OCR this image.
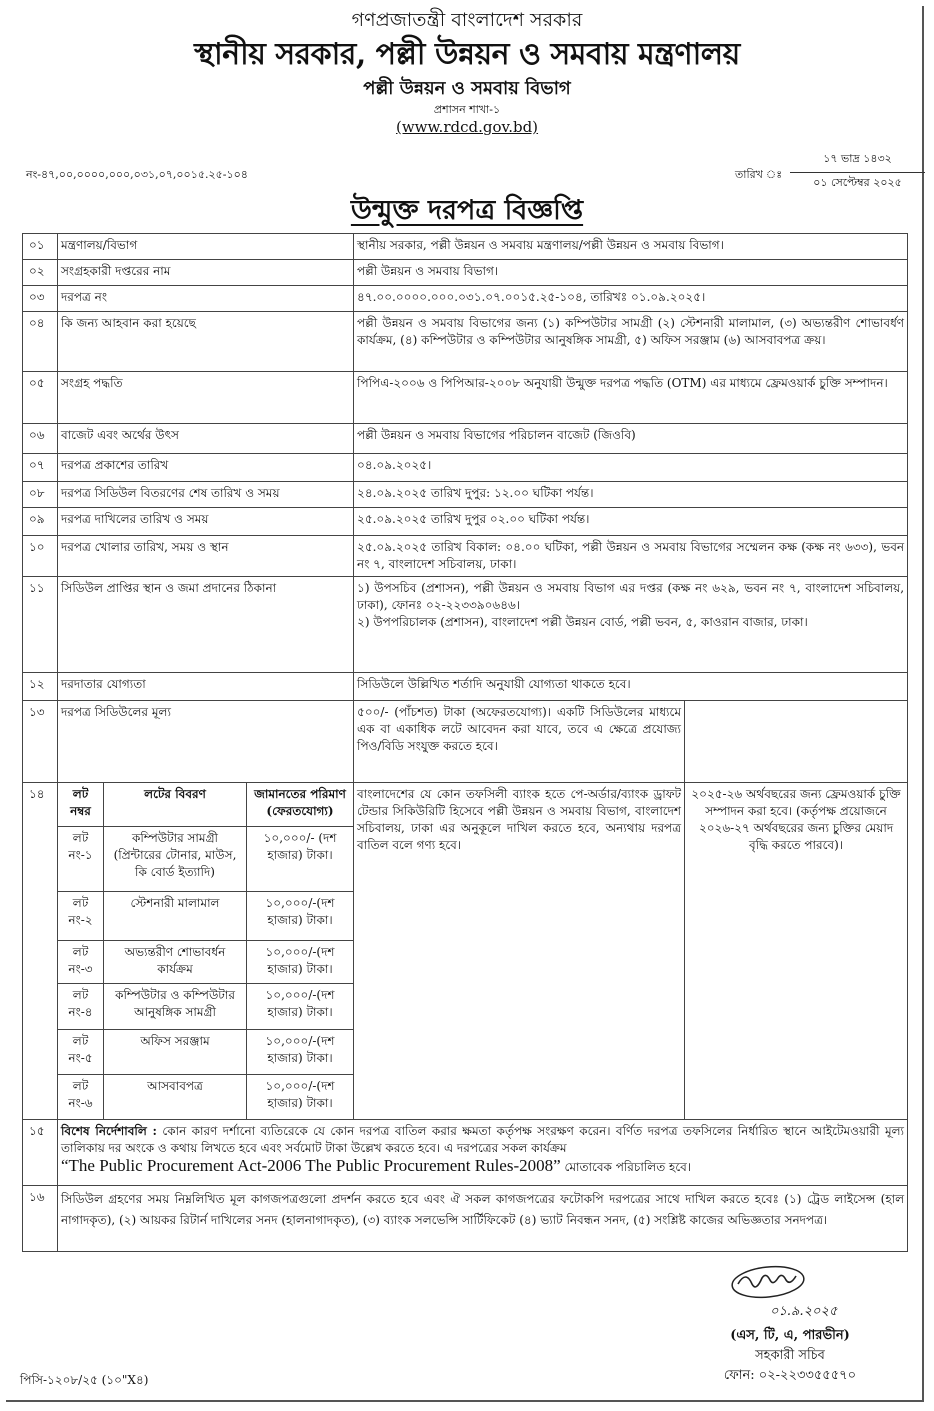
গণপ্রজাতন্ত্রী বাংলাদেশ সরকার
স্থানীয় সরকার, পল্লী উন্নয়ন ও সমবায় মন্ত্রণালয়
পল্লী উন্নয়ন ও সমবায় বিভাগ
প্রশাসন শাখা-১
(www.rdcd.gov.bd)
নং-৪৭,০০,০০০০,০০০,০৩১,০৭,০০১৫.২৫-১০৪	তারিখ ঃ
১৭ ভাদ্র ১৪৩২
০১ সেপ্টেম্বর ২০২৫
উন্মুক্ত দরপত্র বিজ্ঞপ্তি
০১	মন্ত্রণালয়/বিভাগ			স্থানীয় সরকার, পল্লী উন্নয়ন ও সমবায় মন্ত্রণালয়/পল্লী উন্নয়ন ও সমবায় বিভাগ।	
০২	সংগ্রহকারী দপ্তরের নাম			পল্লী উন্নয়ন ও সমবায় বিভাগ।	
০৩	দরপত্র নং			৪৭.০০.০০০০.০০০.০৩১.০৭.০০১৫.২৫-১০৪, তারিখঃ ০১.০৯.২০২৫।	
০৪	কি জন্য আহবান করা হয়েছে			পল্লী উন্নয়ন ও সমবায় বিভাগের জন্য (১) কম্পিউটার সামগ্রী (২) স্টেশনারী মালামাল, (৩) অভ্যন্তরীণ শোভাবর্ধণ কার্যক্রম, (৪) কম্পিউটার ও কম্পিউটার আনুষঙ্গিক সামগ্রী, ৫) অফিস সরঞ্জাম (৬) আসবাবপত্র ক্রয়।	
০৫	সংগ্রহ পদ্ধতি			পিপিএ-২০০৬ ও পিপিআর-২০০৮ অনুযায়ী উন্মুক্ত দরপত্র পদ্ধতি (OTM) এর মাধ্যমে ফ্রেমওয়ার্ক চুক্তি সম্পাদন।	
০৬	বাজেট এবং অর্থের উৎস			পল্লী উন্নয়ন ও সমবায় বিভাগের পরিচালন বাজেট (জিওবি)	
০৭	দরপত্র প্রকাশের তারিখ			০৪.০৯.২০২৫।	
০৮	দরপত্র সিডিউল বিতরণের শেষ তারিখ ও সময়			২৪.০৯.২০২৫ তারিখ দুপুর: ১২.০০ ঘটিকা পর্যন্ত।	
০৯	দরপত্র দাখিলের তারিখ ও সময়			২৫.০৯.২০২৫ তারিখ দুপুর ০২.০০ ঘটিকা পর্যন্ত।	
১০	দরপত্র খোলার তারিখ, সময় ও স্থান			২৫.০৯.২০২৫ তারিখ বিকাল: ০৪.০০ ঘটিকা, পল্লী উন্নয়ন ও সমবায় বিভাগের সম্মেলন কক্ষ (কক্ষ নং ৬৩৩), ভবন নং ৭, বাংলাদেশ সচিবালয়, ঢাকা।	
১১	সিডিউল প্রাপ্তির স্থান ও জমা প্রদানের ঠিকানা			১) উপসচিব (প্রশাসন), পল্লী উন্নয়ন ও সমবায় বিভাগ এর দপ্তর (কক্ষ নং ৬২৯, ভবন নং ৭, বাংলাদেশ সচিবালয়, ঢাকা), ফোনঃ ০২-২২৩৩৯০৬৪৬।
২) উপপরিচালক (প্রশাসন), বাংলাদেশ পল্লী উন্নয়ন বোর্ড, পল্লী ভবন, ৫, কাওরান বাজার, ঢাকা।	
১২	দরদাতার যোগ্যতা			সিডিউলে উল্লিখিত শর্তাদি অনুযায়ী যোগ্যতা থাকতে হবে।	
১৩	দরপত্র সিডিউলের মূল্য			৫০০/- (পাঁচশত) টাকা (অফেরতযোগ্য)। একটি সিডিউলের মাধ্যমে এক বা একাধিক লটে আবেদন করা যাবে, তবে এ ক্ষেত্রে প্রযোজ্য পিও/বিডি সংযুক্ত করতে হবে।	
১৪	লট নম্বর	লটের বিবরণ	জামানতের পরিমাণ (ফেরতযোগ্য)	বাংলাদেশের যে কোন তফসিলী ব্যাংক হতে পে-অর্ডার/ব্যাংক ড্রাফট টেন্ডার সিকিউরিটি হিসেবে পল্লী উন্নয়ন ও সমবায় বিভাগ, বাংলাদেশ সচিবালয়, ঢাকা এর অনুকূলে দাখিল করতে হবে, অন্যথায় দরপত্র বাতিল বলে গণ্য হবে।	২০২৫-২৬ অর্থবছরের জন্য ফ্রেমওয়ার্ক চুক্তি সম্পাদন করা হবে। (কর্তৃপক্ষ প্রয়োজনে ২০২৬-২৭ অর্থবছরের জন্য চুক্তির মেয়াদ বৃদ্ধি করতে পারবে)।
	লট নং-১	কম্পিউটার সামগ্রী (প্রিন্টারের টোনার, মাউস, কি বোর্ড ইত্যাদি)	১০,০০০/- (দশ হাজার) টাকা।		
	লট নং-২	স্টেশনারী মালামাল	১০,০০০/-(দশ হাজার) টাকা।		
	লট নং-৩	অভ্যন্তরীণ শোভাবর্ধন কার্যক্রম	১০,০০০/-(দশ হাজার) টাকা।		
	লট নং-৪	কম্পিউটার ও কম্পিউটার আনুষঙ্গিক সামগ্রী	১০,০০০/-(দশ হাজার) টাকা।		
	লট নং-৫	অফিস সরঞ্জাম	১০,০০০/-(দশ হাজার) টাকা।		
	লট নং-৬	আসবাবপত্র	১০,০০০/-(দশ হাজার) টাকা।		
১৫	বিশেষ নির্দেশাবলি : কোন কারণ দর্শানো ব্যতিরেকে যে কোন দরপত্র বাতিল করার ক্ষমতা কর্তৃপক্ষ সংরক্ষণ করেন। বর্ণিত দরপত্র তফসিলের নির্ধারিত স্থানে আইটেমওয়ারী মূল্য তালিকায় দর অংকে ও কথায় লিখতে হবে এবং সর্বমোট টাকা উল্লেখ করতে হবে। এ দরপত্রের সকল কার্যক্রম
“The Public Procurement Act-2006 The Public Procurement Rules-2008” মোতাবেক পরিচালিত হবে।				
১৬	সিডিউল গ্রহণের সময় নিম্নলিখিত মূল কাগজপত্রগুলো প্রদর্শন করতে হবে এবং ঐ সকল কাগজপত্রের ফটোকপি দরপত্রের সাথে দাখিল করতে হবেঃ (১) ট্রেড লাইসেন্স (হাল নাগাদকৃত), (২) আয়কর রিটার্ন দাখিলের সনদ (হালনাগাদকৃত), (৩) ব্যাংক সলভেন্সি সার্টিফিকেট (৪) ভ্যাট নিবন্ধন সনদ, (৫) সংশ্লিষ্ট কাজের অভিজ্ঞতার সনদপত্র।				
০১.৯.২০২৫
(এস, টি, এ, পারভীন)
সহকারী সচিব
ফোন: ০২-২২৩৩৫৫৫৭০
পিসি-১২০৮/২৫ (১০"X৪)
